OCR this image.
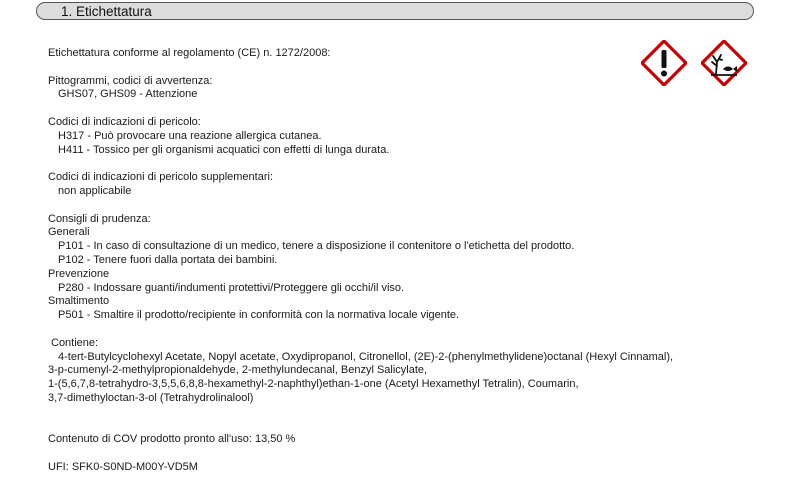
1. Etichettatura
Etichettatura conforme al regolamento (CE) n. 1272/2008:
Pittogrammi, codici di avvertenza:
GHS07, GHS09 - Attenzione
Codici di indicazioni di pericolo:
H317 - Può provocare una reazione allergica cutanea.
H411 - Tossico per gli organismi acquatici con effetti di lunga durata.
Codici di indicazioni di pericolo supplementari:
non applicabile
Consigli di prudenza:
Generali
P101 - In caso di consultazione di un medico, tenere a disposizione il contenitore o l'etichetta del prodotto.
P102 - Tenere fuori dalla portata dei bambini.
Prevenzione
P280 - Indossare guanti/indumenti protettivi/Proteggere gli occhi/il viso.
Smaltimento
P501 - Smaltire il prodotto/recipiente in conformità con la normativa locale vigente.
Contiene:
4-tert-Butylcyclohexyl Acetate, Nopyl acetate, Oxydipropanol, Citronellol, (2E)-2-(phenylmethylidene)octanal (Hexyl Cinnamal),
3-p-cumenyl-2-methylpropionaldehyde, 2-methylundecanal, Benzyl Salicylate,
1-(5,6,7,8-tetrahydro-3,5,5,6,8,8-hexamethyl-2-naphthyl)ethan-1-one (Acetyl Hexamethyl Tetralin), Coumarin,
3,7-dimethyloctan-3-ol (Tetrahydrolinalool)
Contenuto di COV prodotto pronto all'uso: 13,50 %
UFI: SFK0-S0ND-M00Y-VD5M
